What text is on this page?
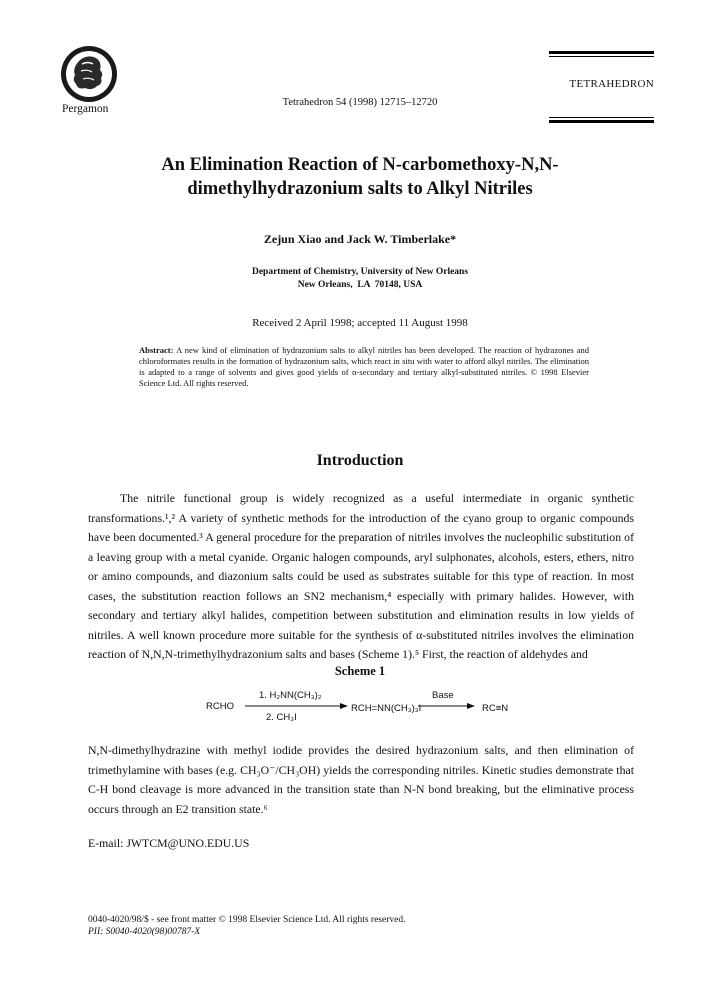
Pergamon
Tetrahedron 54 (1998) 12715–12720
TETRAHEDRON
An Elimination Reaction of N-carbomethoxy-N,N-dimethylhydrazonium salts to Alkyl Nitriles
Zejun Xiao and Jack W. Timberlake*
Department of Chemistry, University of New Orleans
New Orleans,  LA  70148, USA
Received 2 April 1998; accepted 11 August 1998
Abstract: A new kind of elimination of hydrazonium salts to alkyl nitriles has been developed. The reaction of hydrazones and chloroformates results in the formation of hydrazonium salts, which react in situ with water to afford alkyl nitriles. The elimination is adapted to a range of solvents and gives good yields of α-secondary and tertiary alkyl-substituted nitriles. © 1998 Elsevier Science Ltd. All rights reserved.
Introduction
The nitrile functional group is widely recognized as a useful intermediate in organic synthetic transformations.¹,² A variety of synthetic methods for the introduction of the cyano group to organic compounds have been documented.³ A general procedure for the preparation of nitriles involves the nucleophilic substitution of a leaving group with a metal cyanide. Organic halogen compounds, aryl sulphonates, alcohols, esters, ethers, nitro or amino compounds, and diazonium salts could be used as substrates suitable for this type of reaction. In most cases, the substitution reaction follows an SN2 mechanism,⁴ especially with primary halides. However, with secondary and tertiary alkyl halides, competition between substitution and elimination results in low yields of nitriles. A well known procedure more suitable for the synthesis of α-substituted nitriles involves the elimination reaction of N,N,N-trimethylhydrazonium salts and bases (Scheme 1).⁵ First, the reaction of aldehydes and
Scheme 1
RCHO
1. H₂NN(CH₃)₂
2. CH₃I
RCH=NN(CH₃)₃I
Base
RC≡N
N,N-dimethylhydrazine with methyl iodide provides the desired hydrazonium salts, and then elimination of trimethylamine with bases (e.g. CH₃O⁻/CH₃OH) yields the corresponding nitriles. Kinetic studies demonstrate that C-H bond cleavage is more advanced in the transition state than N-N bond breaking, but the eliminative process occurs through an E2 transition state.⁶
E-mail: JWTCM@UNO.EDU.US
0040-4020/98/$ - see front matter © 1998 Elsevier Science Ltd. All rights reserved.
PII: S0040-4020(98)00787-X
